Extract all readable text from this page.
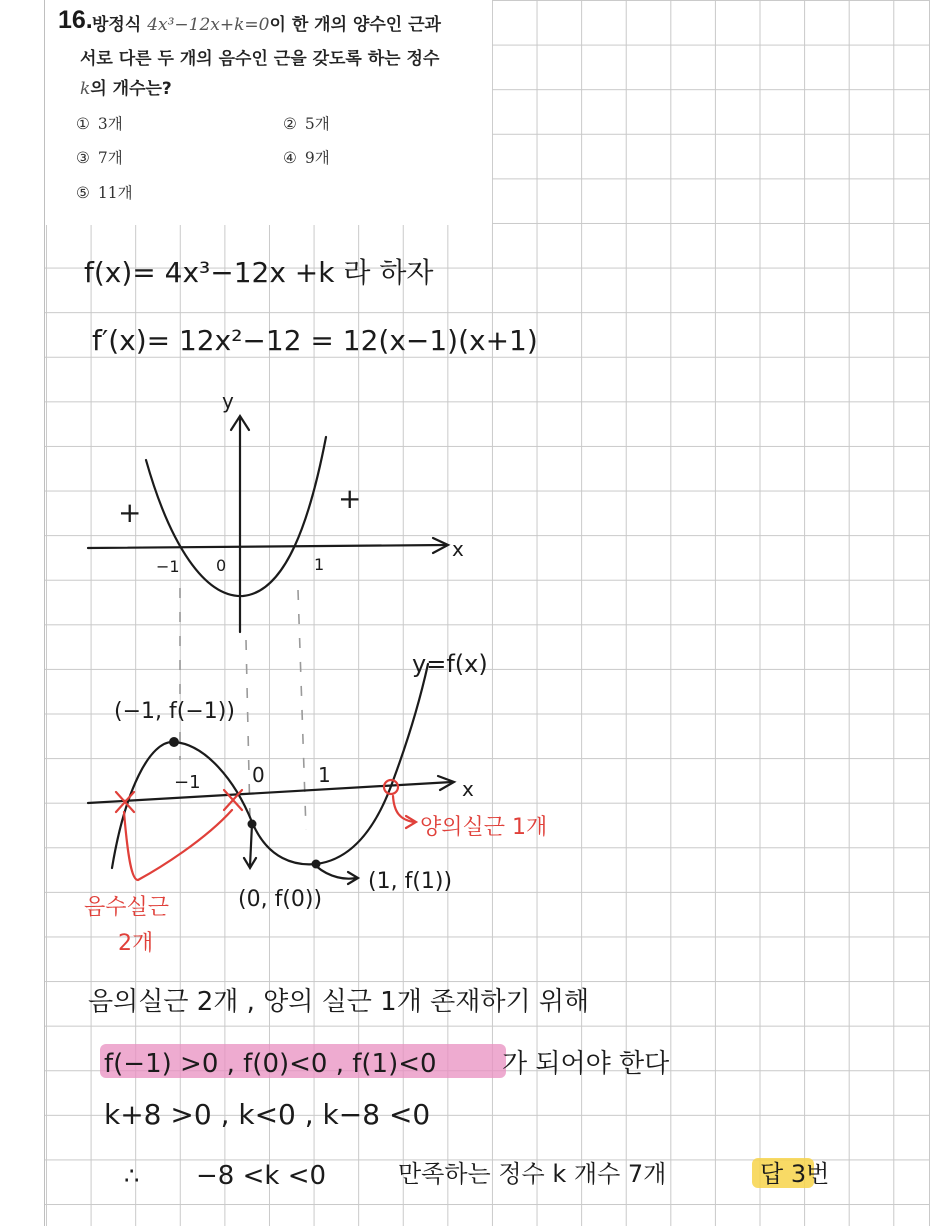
16. 방정식 4x³−12x+k=0이 한 개의 양수인 근과
서로 다른 두 개의 음수인 근을 갖도록 하는 정수
k의 개수는?
① 3개	② 5개
③ 7개	④ 9개
⑤ 11개
f(x)= 4x³−12x +k 라 하자
f′(x)= 12x²−12 = 12(x−1)(x+1)
y
x
+	+
−1 0	1
y=f(x)
(−1, f(−1))
(0, f(0))
(1, f(1))
−1	0	1
x
양의실근 1개
음수실근
2개
음의실근 2개 , 양의 실근 1개 존재하기 위해
f(−1) >0 , f(0)<0 , f(1)<0	가 되어야 한다
k+8 >0 , k<0 , k−8 <0
∴ −8 <k <0	만족하는 정수 k 개수 7개	답 3번
